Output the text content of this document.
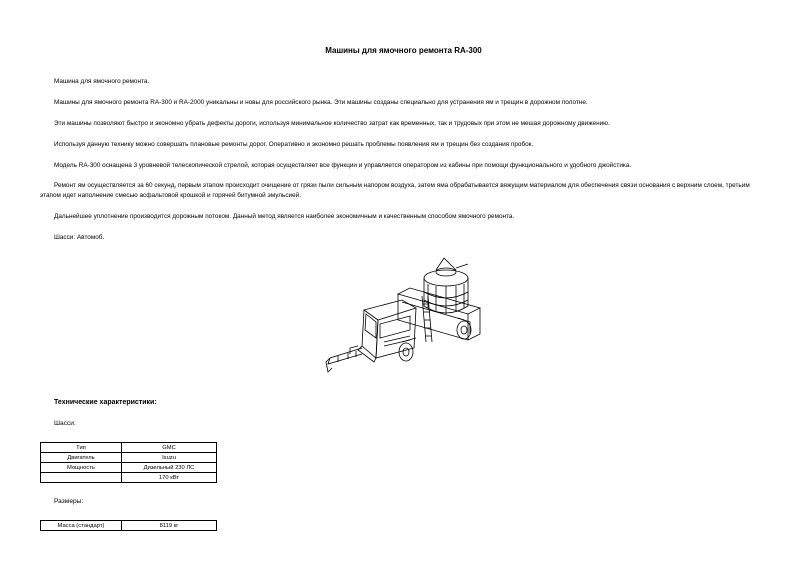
Машины для ямочного ремонта RA-300
Машина для ямочного ремонта.
Машины для ямочного ремонта RA-300 и RA-2000 уникальны и новы для российского рынка. Эти машины созданы специально для устранения ям и трещин в дорожном полотне.
Эти машины позволяют быстро и экономно убрать дефекты дороги, используя минимальное количество затрат как временных, так и трудовых при этом не мешая дорожному движению.
Используя данную технику можно совершать плановые ремонты дорог. Оперативно и экономно решать проблемы появления ям и трещин без создания пробок.
Модель RA-300 оснащена 3 уровневой телескопической стрелой, которая осуществляет все функции и управляется оператором из кабины при помощи функционального и удобного джойстика.
Ремонт ям осуществляется за 60 секунд, первым этапом происходит очищение от грязи пыли сильным напором воздуха, затем яма обрабатывается вяжущим материалом для обеспечения связи основания с верхним слоем, третьим этапом идет наполнение смесью асфальтовой крошкой и горячей битумной эмульсией.
Дальнейшее уплотнение производится дорожным потоком. Данный метод является наиболее экономичным и качественным способом ямочного ремонта.
Шасси: Автомоб.
Технические характеристики:
Шасси:
Тип	GMC
Двигатель	Isuzu
Мощность	Дизельный 230 ЛС
	170 кВт
Размеры:
Масса (стандарт)	8119 кг
